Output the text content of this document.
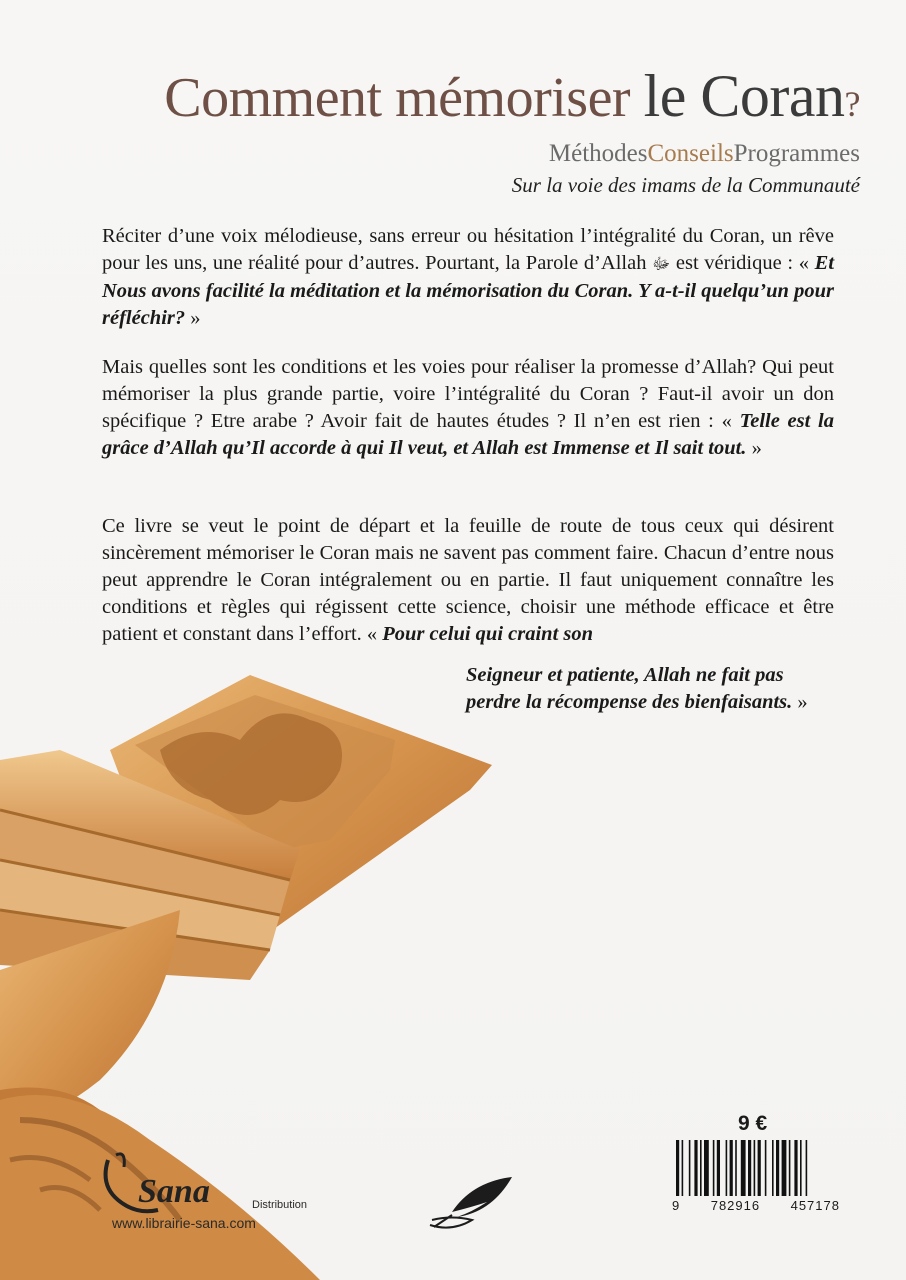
Comment mémoriser le Coran?
MéthodesConseilsProgrammes
Sur la voie des imams de la Communauté

Réciter d’une voix mélodieuse, sans erreur ou hésitation l’intégralité du Coran, un rêve pour les uns, une réalité pour d’autres. Pourtant, la Parole d’Allah ﷻ est véridique : « Et Nous avons facilité la méditation et la mémorisation du Coran. Y a-t-il quelqu’un pour réfléchir? »

Mais quelles sont les conditions et les voies pour réaliser la promesse d’Allah? Qui peut mémoriser la plus grande partie, voire l’intégralité du Coran ? Faut-il avoir un don spécifique ? Etre arabe ? Avoir fait de hautes études ? Il n’en est rien : « Telle est la grâce d’Allah qu’Il accorde à qui Il veut, et Allah est Immense et Il sait tout. »

Ce livre se veut le point de départ et la feuille de route de tous ceux qui désirent sincèrement mémoriser le Coran mais ne savent pas comment faire. Chacun d’entre nous peut apprendre le Coran intégralement ou en partie. Il faut uniquement connaître les conditions et règles qui régissent cette science, choisir une méthode efficace et être patient et constant dans l’effort. « Pour celui qui craint son

Seigneur et patiente, Allah ne fait pas perdre la récompense des bienfaisants. »
Sana	Distribution
www.librairie-sana.com
9 €
9 782916 457178
